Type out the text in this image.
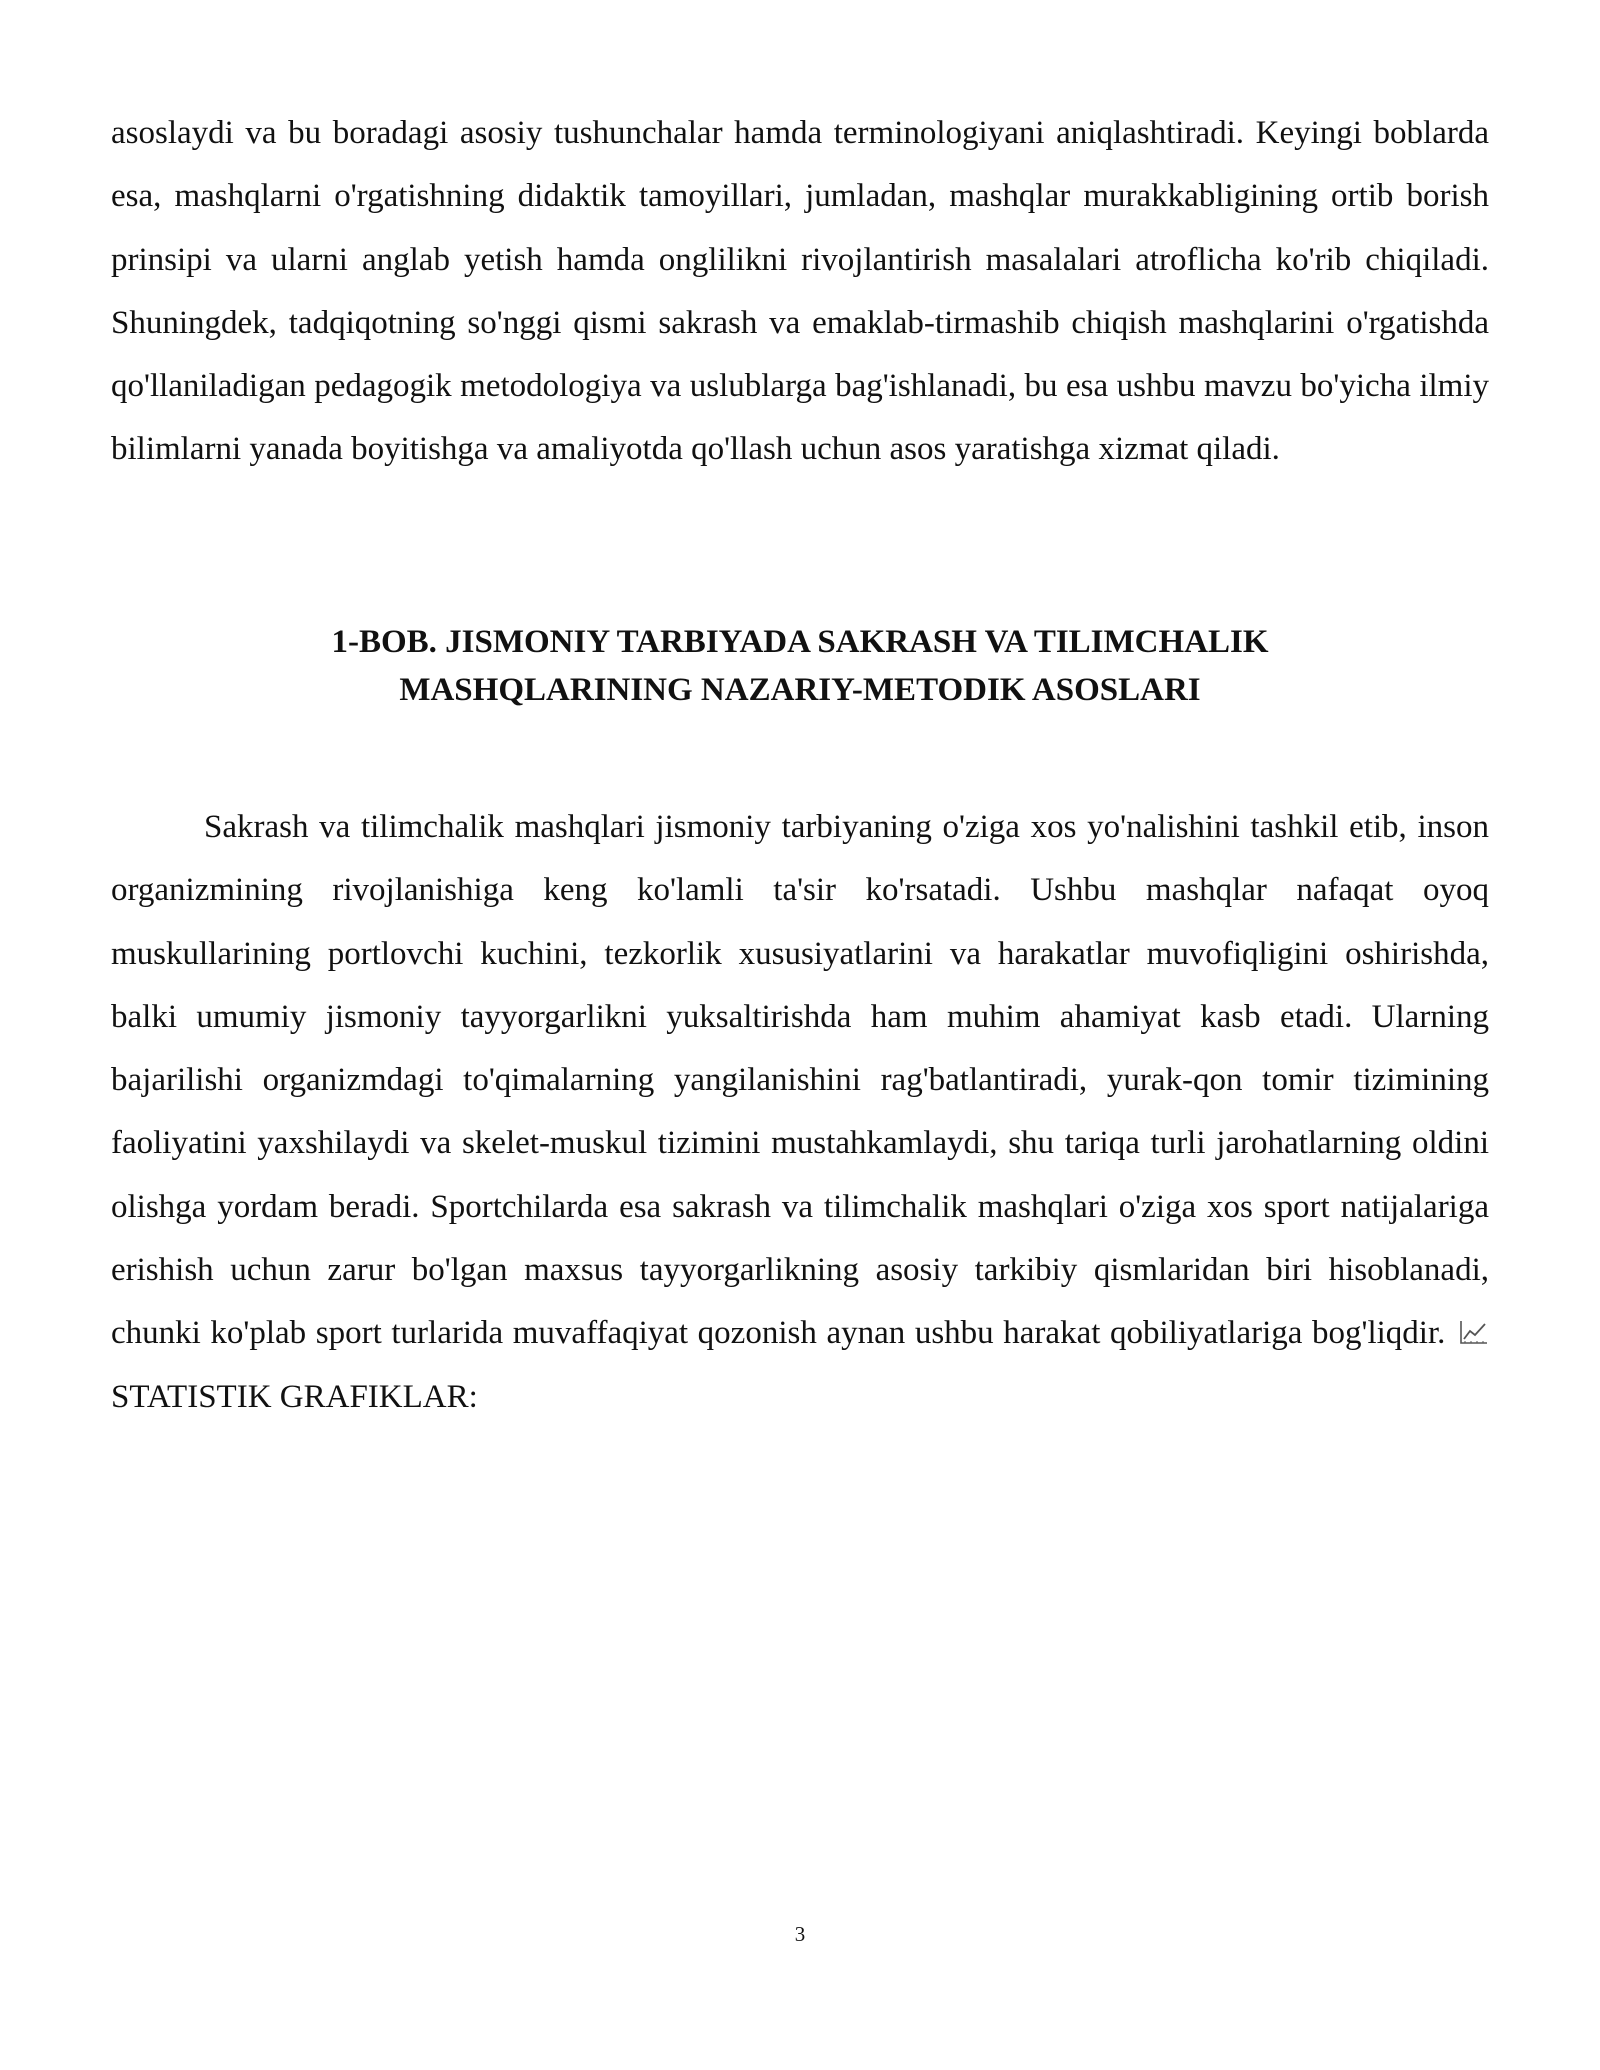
asoslaydi va bu boradagi asosiy tushunchalar hamda terminologiyani aniqlashtiradi. Keyingi boblarda esa, mashqlarni o'rgatishning didaktik tamoyillari, jumladan, mashqlar murakkabligining ortib borish prinsipi va ularni anglab yetish hamda onglilikni rivojlantirish masalalari atroflicha ko'rib chiqiladi. Shuningdek, tadqiqotning so'nggi qismi sakrash va emaklab-tirmashib chiqish mashqlarini o'rgatishda qo'llaniladigan pedagogik metodologiya va uslublarga bag'ishlanadi, bu esa ushbu mavzu bo'yicha ilmiy bilimlarni yanada boyitishga va amaliyotda qo'llash uchun asos yaratishga xizmat qiladi.

1-BOB. JISMONIY TARBIYADA SAKRASH VA TILIMCHALIK
MASHQLARINING NAZARIY-METODIK ASOSLARI

Sakrash va tilimchalik mashqlari jismoniy tarbiyaning o'ziga xos yo'nalishini tashkil etib, inson organizmining rivojlanishiga keng ko'lamli ta'sir ko'rsatadi. Ushbu mashqlar nafaqat oyoq muskullarining portlovchi kuchini, tezkorlik xususiyatlarini va harakatlar muvofiqligini oshirishda, balki umumiy jismoniy tayyorgarlikni yuksaltirishda ham muhim ahamiyat kasb etadi. Ularning bajarilishi organizmdagi to'qimalarning yangilanishini rag'batlantiradi, yurak-qon tomir tizimining faoliyatini yaxshilaydi va skelet-muskul tizimini mustahkamlaydi, shu tariqa turli jarohatlarning oldini olishga yordam beradi. Sportchilarda esa sakrash va tilimchalik mashqlari o'ziga xos sport natijalariga erishish uchun zarur bo'lgan maxsus tayyorgarlikning asosiy tarkibiy qismlaridan biri hisoblanadi, chunki ko'plab sport turlarida muvaffaqiyat qozonish aynan ushbu harakat qobiliyatlariga bog'liqdir.
STATISTIK GRAFIKLAR:

3
